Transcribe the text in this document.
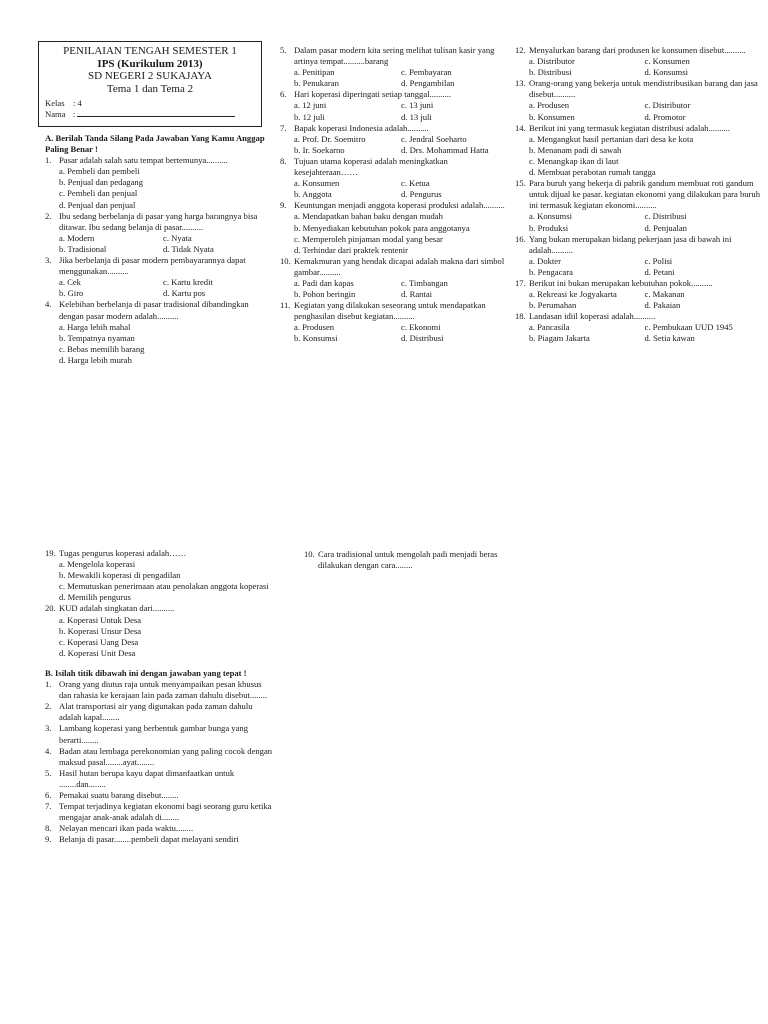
PENILAIAN TENGAH SEMESTER 1
IPS (Kurikulum 2013)
SD NEGERI 2 SUKAJAYA
Tema 1 dan Tema 2
Kelas : 4
Nama :
A. Berilah Tanda Silang Pada Jawaban Yang Kamu Anggap Paling Benar !
1. Pasar adalah salah satu tempat bertemunya..........
a. Pembeli dan pembeli
b. Penjual dan pedagang
c. Pembeli dan penjual
d. Penjual dan penjual
2. Ibu sedang berbelanja di pasar yang harga barangnya bisa ditawar. Ibu sedang belanja di pasar..........
a. Modern	c. Nyata
b. Tradisional	d. Tidak Nyata
3. Jika berbelanja di pasar modern pembayarannya dapat menggunakan..........
a. Cek	c. Kartu kredit
b. Giro	d. Kartu pos
4. Kelebihan berbelanja di pasar tradisional dibandingkan dengan pasar modern adalah..........
a. Harga lebih mahal
b. Tempatnya nyaman
c. Bebas memilih barang
d. Harga lebih murah
5. Dalam pasar modern kita sering melihat tulisan kasir yang artinya tempat..........barang
a. Penitipan	c. Pembayaran
b. Penukaran	d. Pengambilan
6. Hari koperasi diperingati setiap tanggal..........
a. 12 juni	c. 13 juni
b. 12 juli	d. 13 juli
7. Bapak koperasi Indonesia adalah..........
a. Prof. Dr. Soemitro	c. Jendral Soeharto
b. Ir. Soekarno	d. Drs. Mohammad Hatta
8. Tujuan utama koperasi adalah meningkatkan kesejahteraan……
a. Konsumen	c. Ketua
b. Anggota	d. Pengurus
9. Keuntungan menjadi anggota koperasi produksi adalah..........
a. Mendapatkan bahan baku dengan mudah
b. Menyediakan kebutuhan pokok para anggotanya
c. Memperoleh pinjaman modal yang besar
d. Terhindar dari praktek rentenir
10. Kemakmuran yang hendak dicapai adalah makna dari simbol gambar..........
a. Padi dan kapas	c. Timbangan
b. Pohon beringin	d. Rantai
11. Kegiatan yang dilakukan seseorang untuk mendapatkan penghasilan disebut kegiatan..........
a. Produsen	c. Ekonomi
b. Konsumsi	d. Distribusi
12. Menyalurkan barang dari produsen ke konsumen disebut..........
a. Distributor	c. Konsumen
b. Distribusi	d. Konsumsi
13. Orang-orang yang bekerja untuk mendistribusikan barang dan jasa disebut..........
a. Produsen	c. Distributor
b. Konsumen	d. Promotor
14. Berikut ini yang termasuk kegiatan distribusi adalah..........
a. Mengangkut hasil pertanian dari desa ke kota
b. Menanam padi di sawah
c. Menangkap ikan di laut
d. Membuat perabotan rumah tangga
15. Para buruh yang bekerja di pabrik gandum membuat roti gandum untuk dijual ke pasar. kegiatan ekonomi yang dilakukan para buruh ini termasuk kegiatan ekonomi..........
a. Konsumsi	c. Distribusi
b. Produksi	d. Penjualan
16. Yang bukan merupakan bidang pekerjaan jasa di bawah ini adalah..........
a. Dokter	c. Polisi
b. Pengacara	d. Petani
17. Berikut ini bukan merupakan kebutuhan pokok..........
a. Rekreasi ke Jogyakarta	c. Makanan
b. Perumahan	d. Pakaian
18. Landasan idiil koperasi adalah..........
a. Pancasila	c. Pembukaan UUD 1945
b. Piagam Jakarta	d. Setia kawan
19. Tugas pengurus koperasi adalah……
a. Mengelola koperasi
b. Mewakili koperasi di pengadilan
c. Memutuskan penerimaan atau penolakan anggota koperasi
d. Memilih pengurus
20. KUD adalah singkatan dari..........
a. Koperasi Untuk Desa
b. Koperasi Unsur Desa
c. Koperasi Uang Desa
d. Koperasi Unit Desa
B. Isilah titik dibawah ini dengan jawaban yang tepat !
1. Orang yang diutus raja untuk menyampaikan pesan khusus dan rahasia ke kerajaan lain pada zaman dahulu disebut........
2. Alat transportasi air yang digunakan pada zaman dahulu adalah kapal........
3. Lambang koperasi yang berbentuk gambar bunga yang berarti........
4. Badan atau lembaga perekonomian yang paling cocok dengan maksud pasal........ayat........
5. Hasil hutan berupa kayu dapat dimanfaatkan untuk ........dan........
6. Pemakai suatu barang disebut........
7. Tempat terjadinya kegiatan ekonomi bagi seorang guru ketika mengajar anak-anak adalah di........
8. Nelayan mencari ikan pada waktu........
9. Belanja di pasar........pembeli dapat melayani sendiri
10. Cara tradisional untuk mengolah padi menjadi beras dilakukan dengan cara........
